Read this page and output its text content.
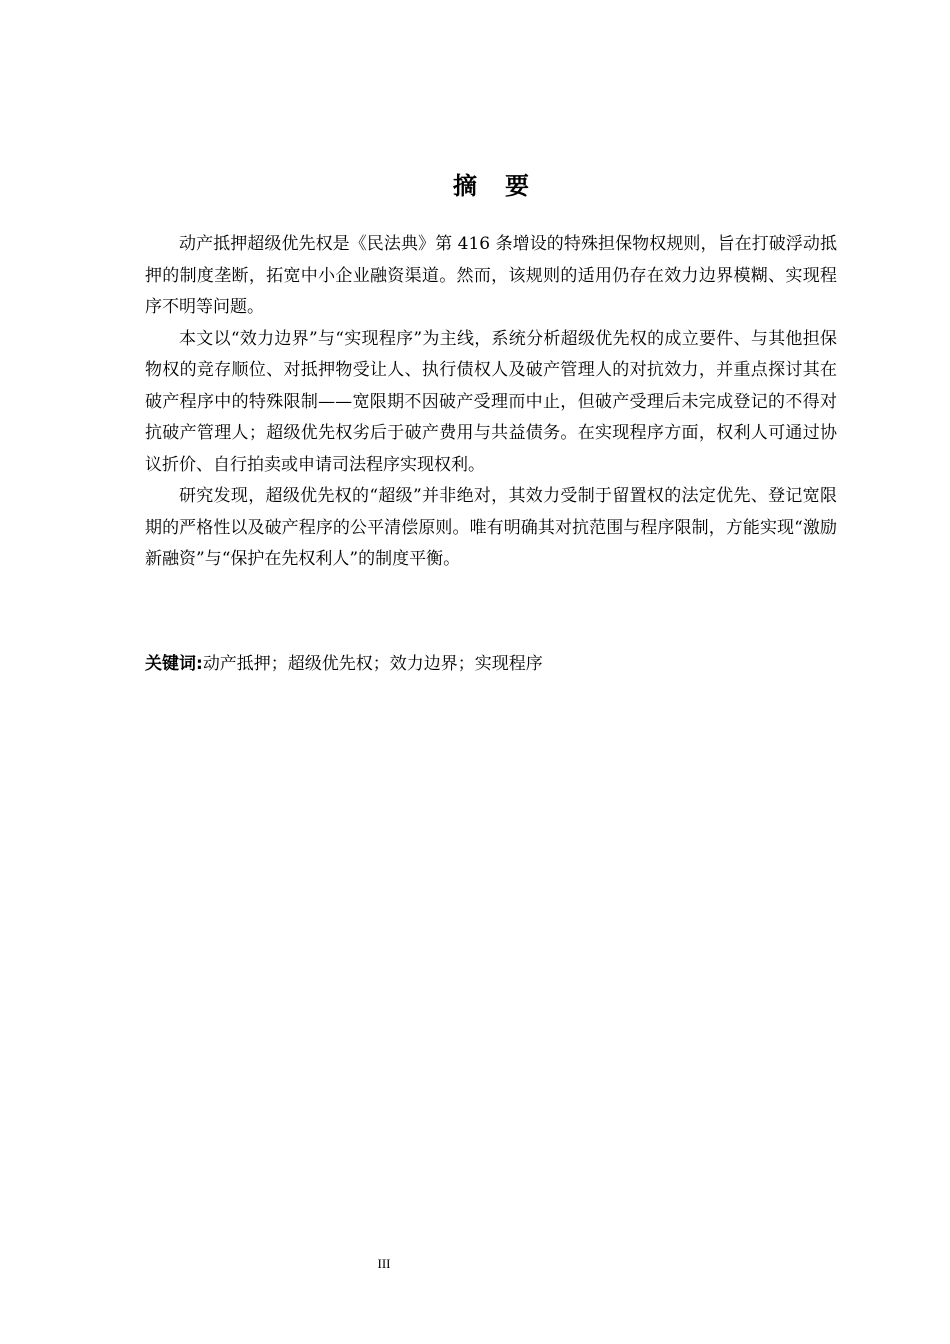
摘　要

动产抵押超级优先权是《民法典》第 416 条增设的特殊担保物权规则，旨在打破浮动抵押的制度垄断，拓宽中小企业融资渠道。然而，该规则的适用仍存在效力边界模糊、实现程序不明等问题。

本文以“效力边界”与“实现程序”为主线，系统分析超级优先权的成立要件、与其他担保物权的竞存顺位、对抵押物受让人、执行债权人及破产管理人的对抗效力，并重点探讨其在破产程序中的特殊限制——宽限期不因破产受理而中止，但破产受理后未完成登记的不得对抗破产管理人；超级优先权劣后于破产费用与共益债务。在实现程序方面，权利人可通过协议折价、自行拍卖或申请司法程序实现权利。

研究发现，超级优先权的“超级”并非绝对，其效力受制于留置权的法定优先、登记宽限期的严格性以及破产程序的公平清偿原则。唯有明确其对抗范围与程序限制，方能实现“激励新融资”与“保护在先权利人”的制度平衡。

关键词:动产抵押；超级优先权；效力边界；实现程序
III
